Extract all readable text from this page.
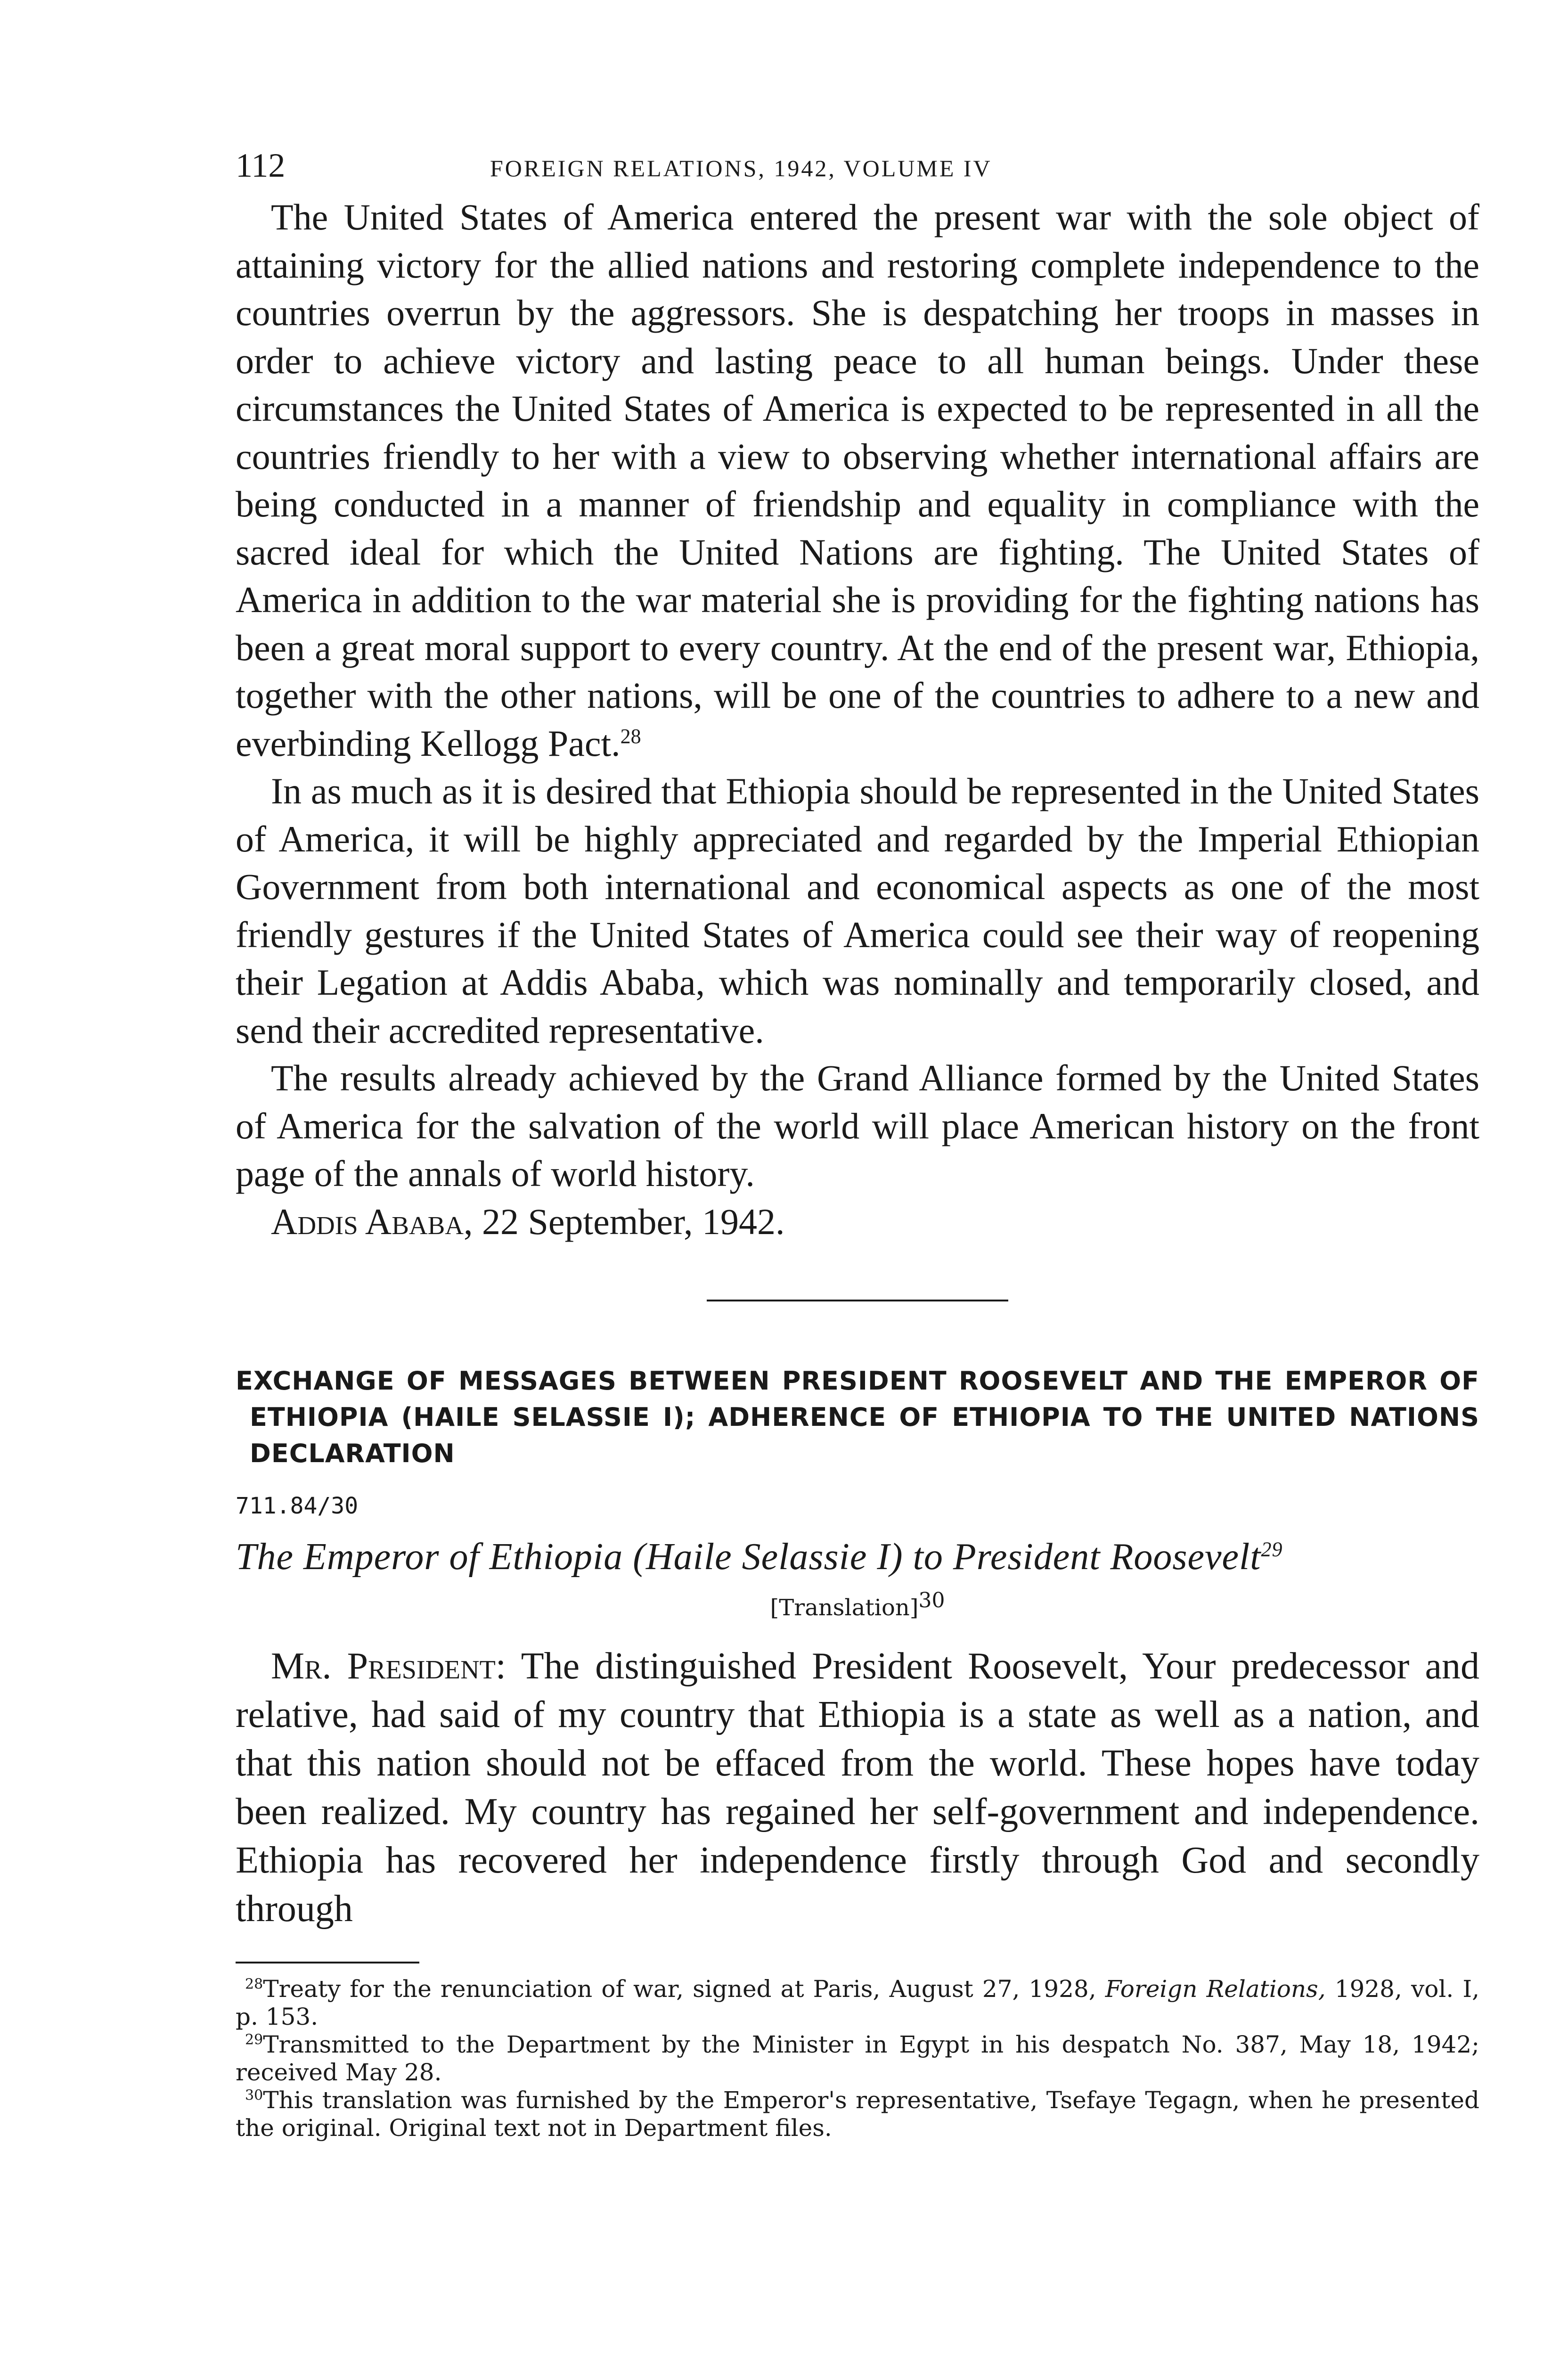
112	FOREIGN RELATIONS, 1942, VOLUME IV

The United States of America entered the present war with the sole object of attaining victory for the allied nations and restoring complete independence to the countries overrun by the aggressors. She is despatching her troops in masses in order to achieve victory and lasting peace to all human beings. Under these circumstances the United States of America is expected to be represented in all the countries friendly to her with a view to observing whether international affairs are being conducted in a manner of friendship and equality in compliance with the sacred ideal for which the United Nations are fighting. The United States of America in addition to the war material she is providing for the fighting nations has been a great moral support to every country. At the end of the present war, Ethiopia, together with the other nations, will be one of the countries to adhere to a new and everbinding Kellogg Pact.$^{28}$

In as much as it is desired that Ethiopia should be represented in the United States of America, it will be highly appreciated and regarded by the Imperial Ethiopian Government from both international and economical aspects as one of the most friendly gestures if the United States of America could see their way of reopening their Legation at Addis Ababa, which was nominally and temporarily closed, and send their accredited representative.

The results already achieved by the Grand Alliance formed by the United States of America for the salvation of the world will place American history on the front page of the annals of world history.

Addis Ababa, 22 September, 1942.

EXCHANGE OF MESSAGES BETWEEN PRESIDENT ROOSEVELT AND THE EMPEROR OF ETHIOPIA (HAILE SELASSIE I); ADHERENCE OF ETHIOPIA TO THE UNITED NATIONS DECLARATION

711.84/30

The Emperor of Ethiopia (Haile Selassie I) to President Roosevelt$^{29}$

[Translation]$^{30}$

Mr. President: The distinguished President Roosevelt, Your predecessor and relative, had said of my country that Ethiopia is a state as well as a nation, and that this nation should not be effaced from the world. These hopes have today been realized. My country has regained her self-government and independence. Ethiopia has recovered her independence firstly through God and secondly through

$^{28}$Treaty for the renunciation of war, signed at Paris, August 27, 1928, Foreign Relations, 1928, vol. I, p. 153.

$^{29}$Transmitted to the Department by the Minister in Egypt in his despatch No. 387, May 18, 1942; received May 28.

$^{30}$This translation was furnished by the Emperor's representative, Tsefaye Tegagn, when he presented the original. Original text not in Department files.
